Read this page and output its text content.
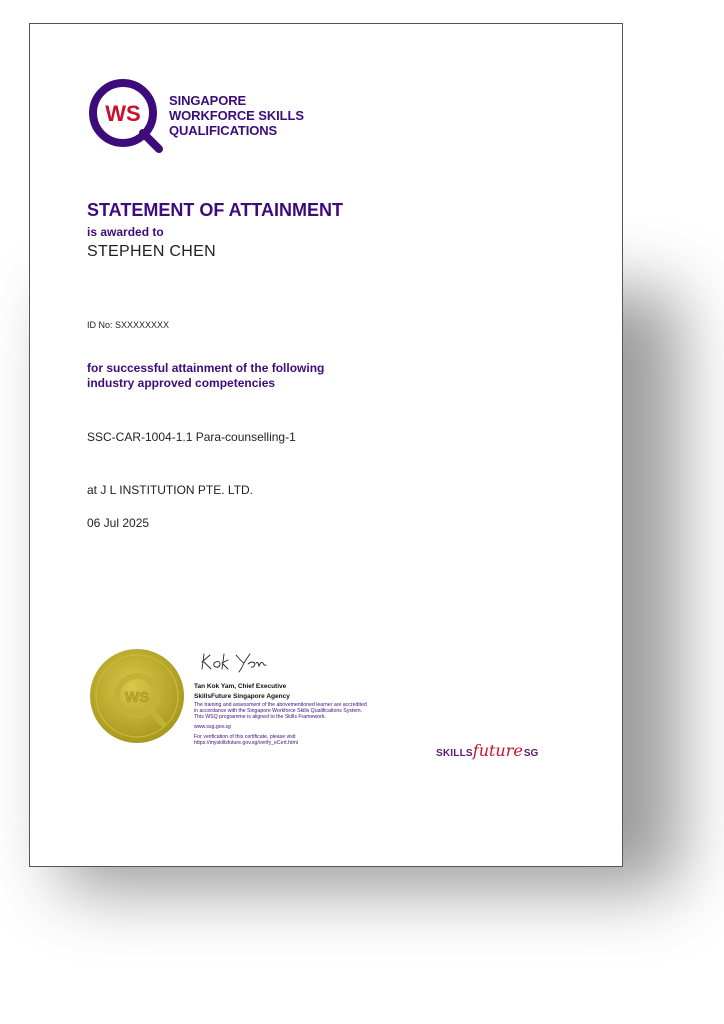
WS
SINGAPORE
WORKFORCE SKILLS
QUALIFICATIONS
STATEMENT OF ATTAINMENT
is awarded to
STEPHEN CHEN
ID No: SXXXXXXXX
for successful attainment of the following
industry approved competencies
SSC-CAR-1004-1.1 Para-counselling-1
at J L INSTITUTION PTE. LTD.
06 Jul 2025
WS
Tan Kok Yam, Chief Executive
SkillsFuture Singapore Agency
The training and assessment of the abovementioned learner are accredited
in accordance with the Singapore Workforce Skills Qualifications System.
This WSQ programme is aligned to the Skills Framework.
www.ssg.gov.sg
For verification of this certificate, please visit
https://myskillsfuture.gov.sg/verify_eCert.html
SKILLSfutureSG
